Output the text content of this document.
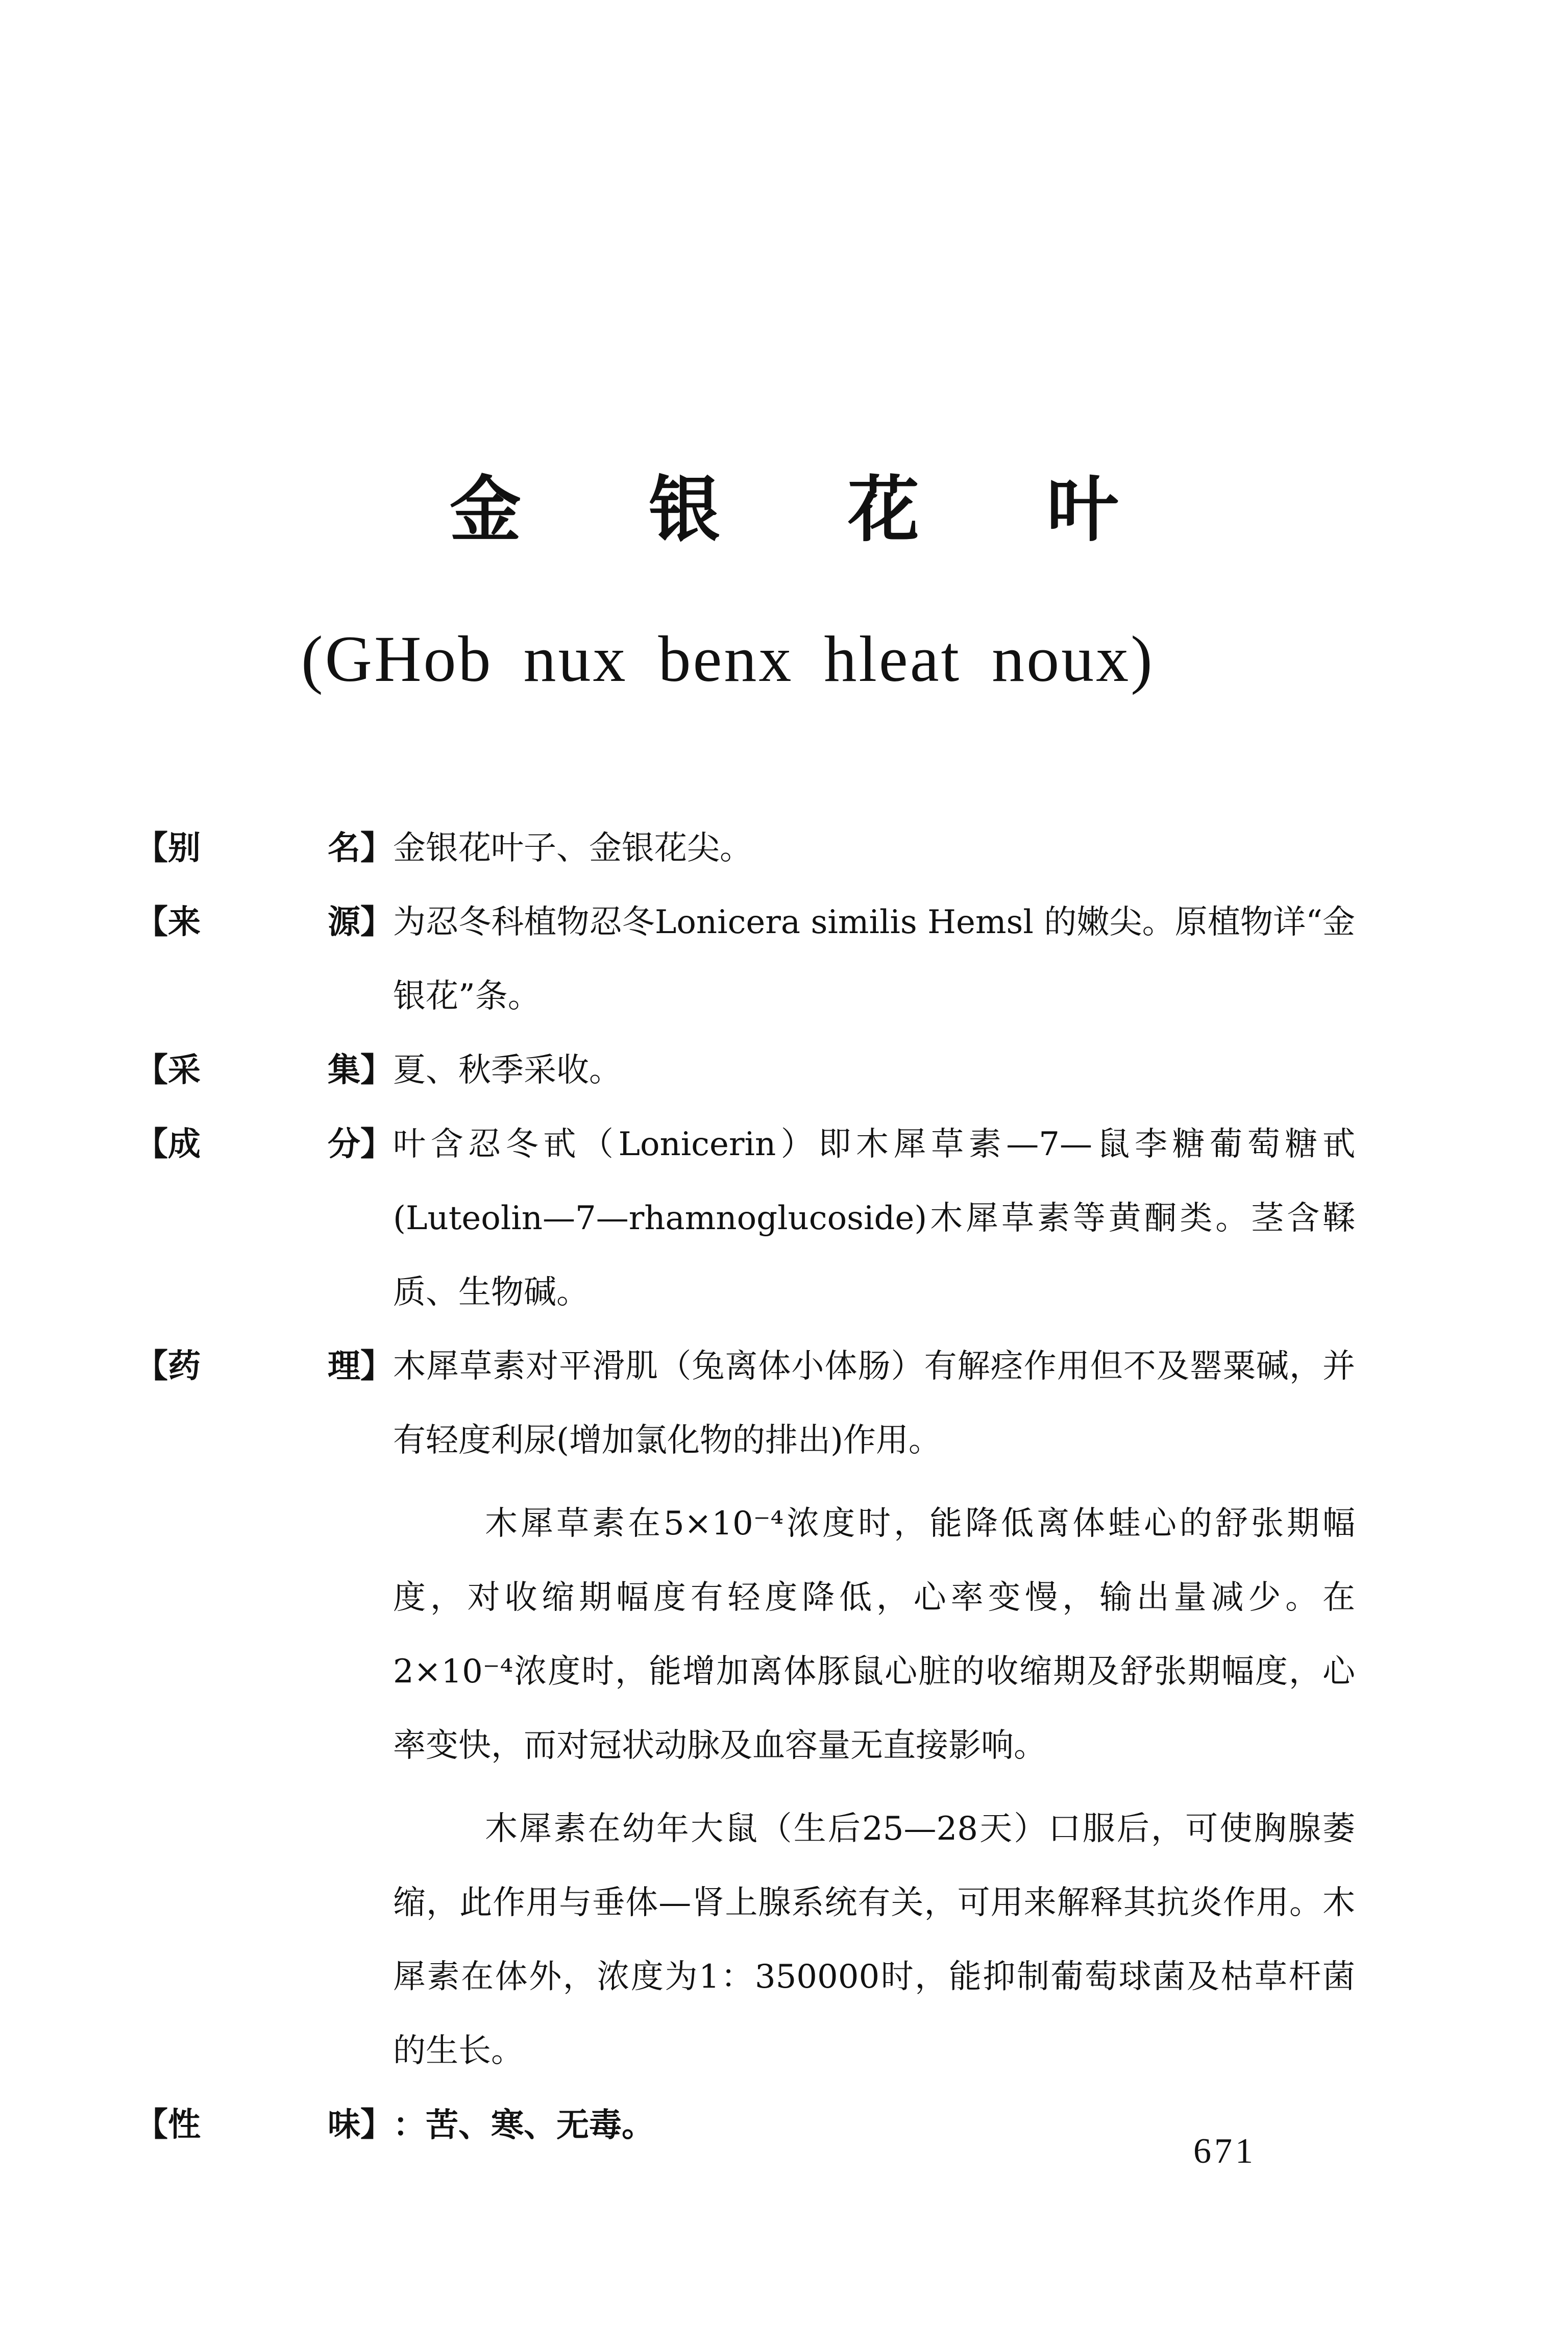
金银花叶
(GHob nux benx hleat noux)
【别	名】 金银花叶子、金银花尖。

【来	源】 为忍冬科植物忍冬Lonicera similis Hemsl 的嫩尖。原植物详“金银花”条。

【采	集】 夏、秋季采收。

【成	分】 叶含忍冬甙（Lonicerin）即木犀草素—7—鼠李糖葡萄糖甙(Luteolin—7—rhamnoglucoside)木犀草素等黄酮类。茎含鞣质、生物碱。

【药	理】 木犀草素对平滑肌（兔离体小体肠）有解痉作用但不及罂粟碱，并有轻度利尿(增加氯化物的排出)作用。

木犀草素在5×10⁻⁴浓度时，能降低离体蛙心的舒张期幅度，对收缩期幅度有轻度降低，心率变慢，输出量减少。在2×10⁻⁴浓度时，能增加离体豚鼠心脏的收缩期及舒张期幅度，心率变快，而对冠状动脉及血容量无直接影响。

木犀素在幼年大鼠（生后25—28天）口服后，可使胸腺萎缩，此作用与垂体—肾上腺系统有关，可用来解释其抗炎作用。木犀素在体外，浓度为1：350000时，能抑制葡萄球菌及枯草杆菌的生长。

【性	味】 ：苦、寒、无毒。

671
